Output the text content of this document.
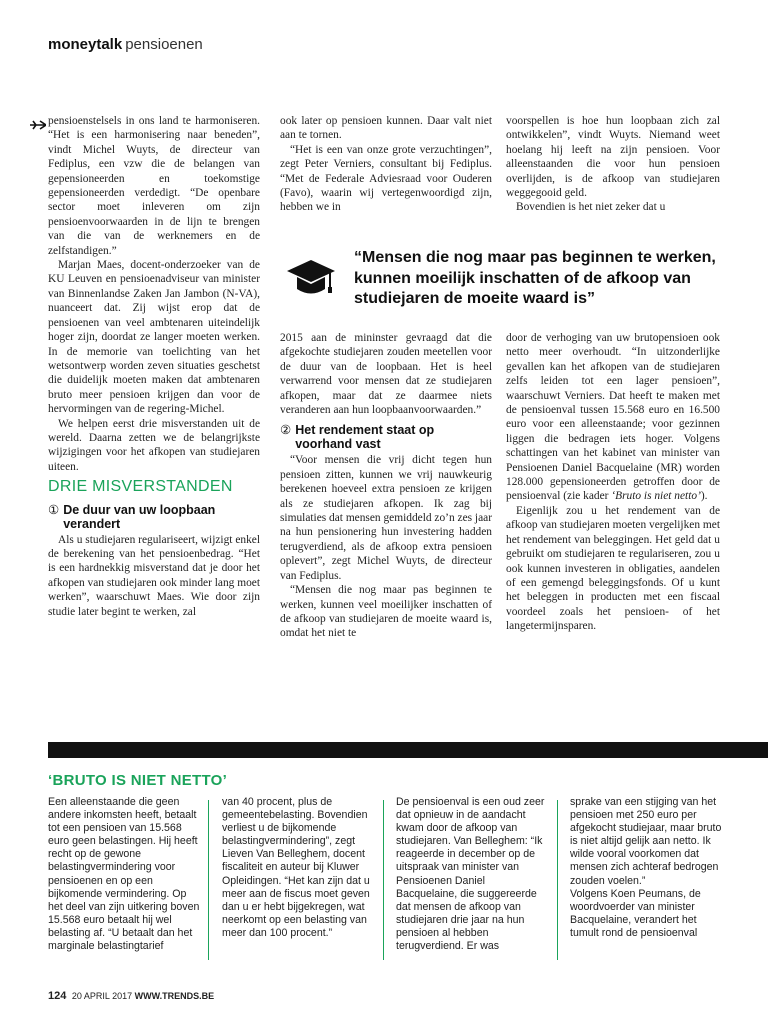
moneytalk pensioenen

pensioenstelsels in ons land te harmoniseren. “Het is een harmonisering naar beneden”, vindt Michel Wuyts, de directeur van Fediplus, een vzw die de belangen van gepensioneerden en toekomstige gepensioneerden verdedigt. “De openbare sector moet inleveren om zijn pensioenvoorwaarden in de lijn te brengen van die van de werknemers en de zelfstandigen.”

Marjan Maes, docent-onderzoeker van de KU Leuven en pensioenadviseur van minister van Binnenlandse Zaken Jan Jambon (N-VA), nuanceert dat. Zij wijst erop dat de pensioenen van veel ambtenaren uiteindelijk hoger zijn, doordat ze langer moeten werken. In de memorie van toelichting van het wetsontwerp worden zeven situaties geschetst die duidelijk moeten maken dat ambtenaren bruto meer pensioen krijgen dan voor de hervormingen van de regering-Michel.

We helpen eerst drie misverstanden uit de wereld. Daarna zetten we de belangrijkste wijzigingen voor het afkopen van studiejaren uiteen.

DRIE MISVERSTANDEN
① De duur van uw loopbaan verandert

Als u studiejaren regulariseert, wijzigt enkel de berekening van het pensioenbedrag. “Het is een hardnekkig misverstand dat je door het afkopen van studiejaren ook minder lang moet werken”, waarschuwt Maes. Wie door zijn studie later begint te werken, zal

ook later op pensioen kunnen. Daar valt niet aan te tornen.

“Het is een van onze grote verzuchtingen”, zegt Peter Verniers, consultant bij Fediplus. “Met de Federale Adviesraad voor Ouderen (Favo), waarin wij vertegenwoordigd zijn, hebben we in

voorspellen is hoe hun loopbaan zich zal ontwikkelen”, vindt Wuyts. Niemand weet hoelang hij leeft na zijn pensioen. Voor alleenstaanden die voor hun pensioen overlijden, is de afkoop van studiejaren weggegooid geld.

Bovendien is het niet zeker dat u

“Mensen die nog maar pas beginnen te werken, kunnen moeilijk inschatten of de afkoop van studiejaren de moeite waard is”

2015 aan de mininster gevraagd dat die afgekochte studiejaren zouden meetellen voor de duur van de loopbaan. Het is heel verwarrend voor mensen dat ze studiejaren afkopen, maar dat ze daarmee niets veranderen aan hun loopbaanvoorwaarden.”

② Het rendement staat op voorhand vast

“Voor mensen die vrij dicht tegen hun pensioen zitten, kunnen we vrij nauwkeurig berekenen hoeveel extra pensioen ze krijgen als ze studiejaren afkopen. Ik zag bij simulaties dat mensen gemiddeld zo’n zes jaar na hun pensionering hun investering hadden terugverdiend, als de afkoop extra pensioen oplevert”, zegt Michel Wuyts, de directeur van Fediplus.

“Mensen die nog maar pas beginnen te werken, kunnen veel moeilijker inschatten of de afkoop van studiejaren de moeite waard is, omdat het niet te

door de verhoging van uw brutopensioen ook netto meer overhoudt. “In uitzonderlijke gevallen kan het afkopen van de studiejaren zelfs leiden tot een lager pensioen”, waarschuwt Verniers. Dat heeft te maken met de pensioenval tussen 15.568 euro en 16.500 euro voor een alleenstaande; voor gezinnen liggen die bedragen iets hoger. Volgens schattingen van het kabinet van minister van Pensioenen Daniel Bacquelaine (MR) worden 128.000 gepensioneerden getroffen door de pensioenval (zie kader ‘Bruto is niet netto’).

Eigenlijk zou u het rendement van de afkoop van studiejaren moeten vergelijken met het rendement van beleggingen. Het geld dat u gebruikt om studiejaren te regulariseren, zou u ook kunnen investeren in obligaties, aandelen of een gemengd beleggingsfonds. Of u kunt het beleggen in producten met een fiscaal voordeel zoals het pensioen- of het langetermijnsparen.

‘BRUTO IS NIET NETTO’
Een alleenstaande die geen andere inkomsten heeft, betaalt tot een pensioen van 15.568 euro geen belastingen. Hij heeft recht op de gewone belastingvermindering voor pensioenen en op een bijkomende vermindering. Op het deel van zijn uitkering boven 15.568 euro betaalt hij wel belasting af. “U betaalt dan het marginale belastingtarief
van 40 procent, plus de gemeentebelasting. Bovendien verliest u de bijkomende belastingvermindering”, zegt Lieven Van Belleghem, docent fiscaliteit en auteur bij Kluwer Opleidingen. “Het kan zijn dat u meer aan de fiscus moet geven dan u er hebt bijgekregen, wat neerkomt op een belasting van meer dan 100 procent.”
De pensioenval is een oud zeer dat opnieuw in de aandacht kwam door de afkoop van studiejaren. Van Belleghem: “Ik reageerde in december op de uitspraak van minister van Pensioenen Daniel Bacquelaine, die suggereerde dat mensen de afkoop van studiejaren drie jaar na hun pensioen al hebben terugverdiend. Er was
sprake van een stijging van het pensioen met 250 euro per afgekocht studiejaar, maar bruto is niet altijd gelijk aan netto. Ik wilde vooral voorkomen dat mensen zich achteraf bedrogen zouden voelen.”
Volgens Koen Peumans, de woordvoerder van minister Bacquelaine, verandert het tumult rond de pensioenval
124 20 APRIL 2017 WWW.TRENDS.BE
